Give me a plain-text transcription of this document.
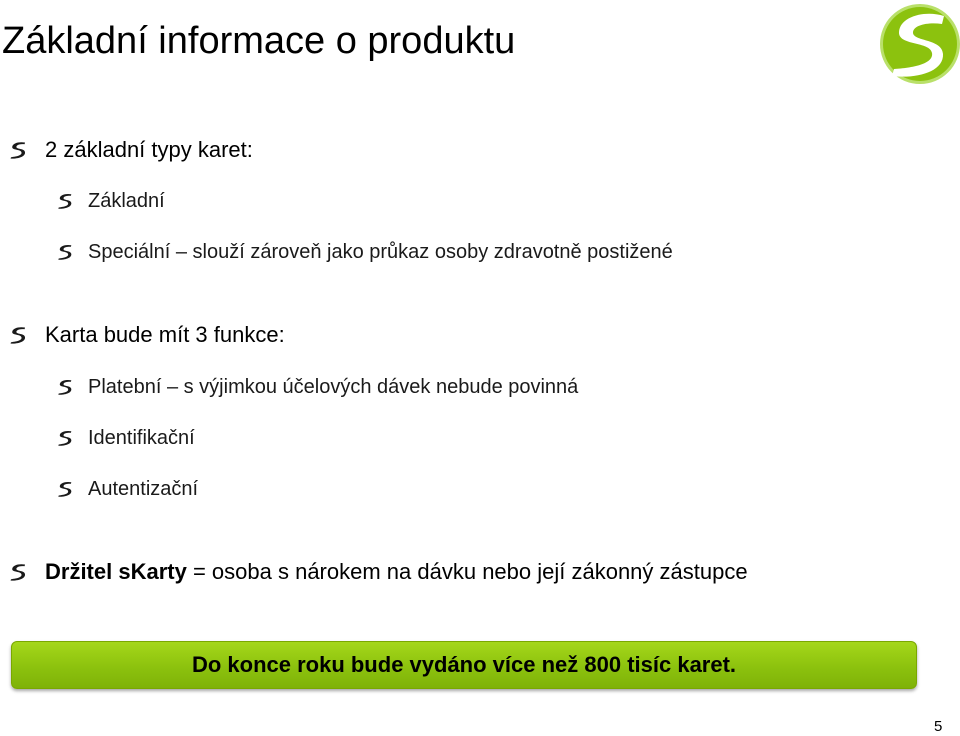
Základní informace o produktu
2 základní typy karet:
Základní
Speciální – slouží zároveň jako průkaz osoby zdravotně postižené
Karta bude mít 3 funkce:
Platební – s výjimkou účelových dávek nebude povinná
Identifikační
Autentizační
Držitel sKarty = osoba s nárokem na dávku nebo její zákonný zástupce
Do konce roku bude vydáno více než 800 tisíc karet.
5
